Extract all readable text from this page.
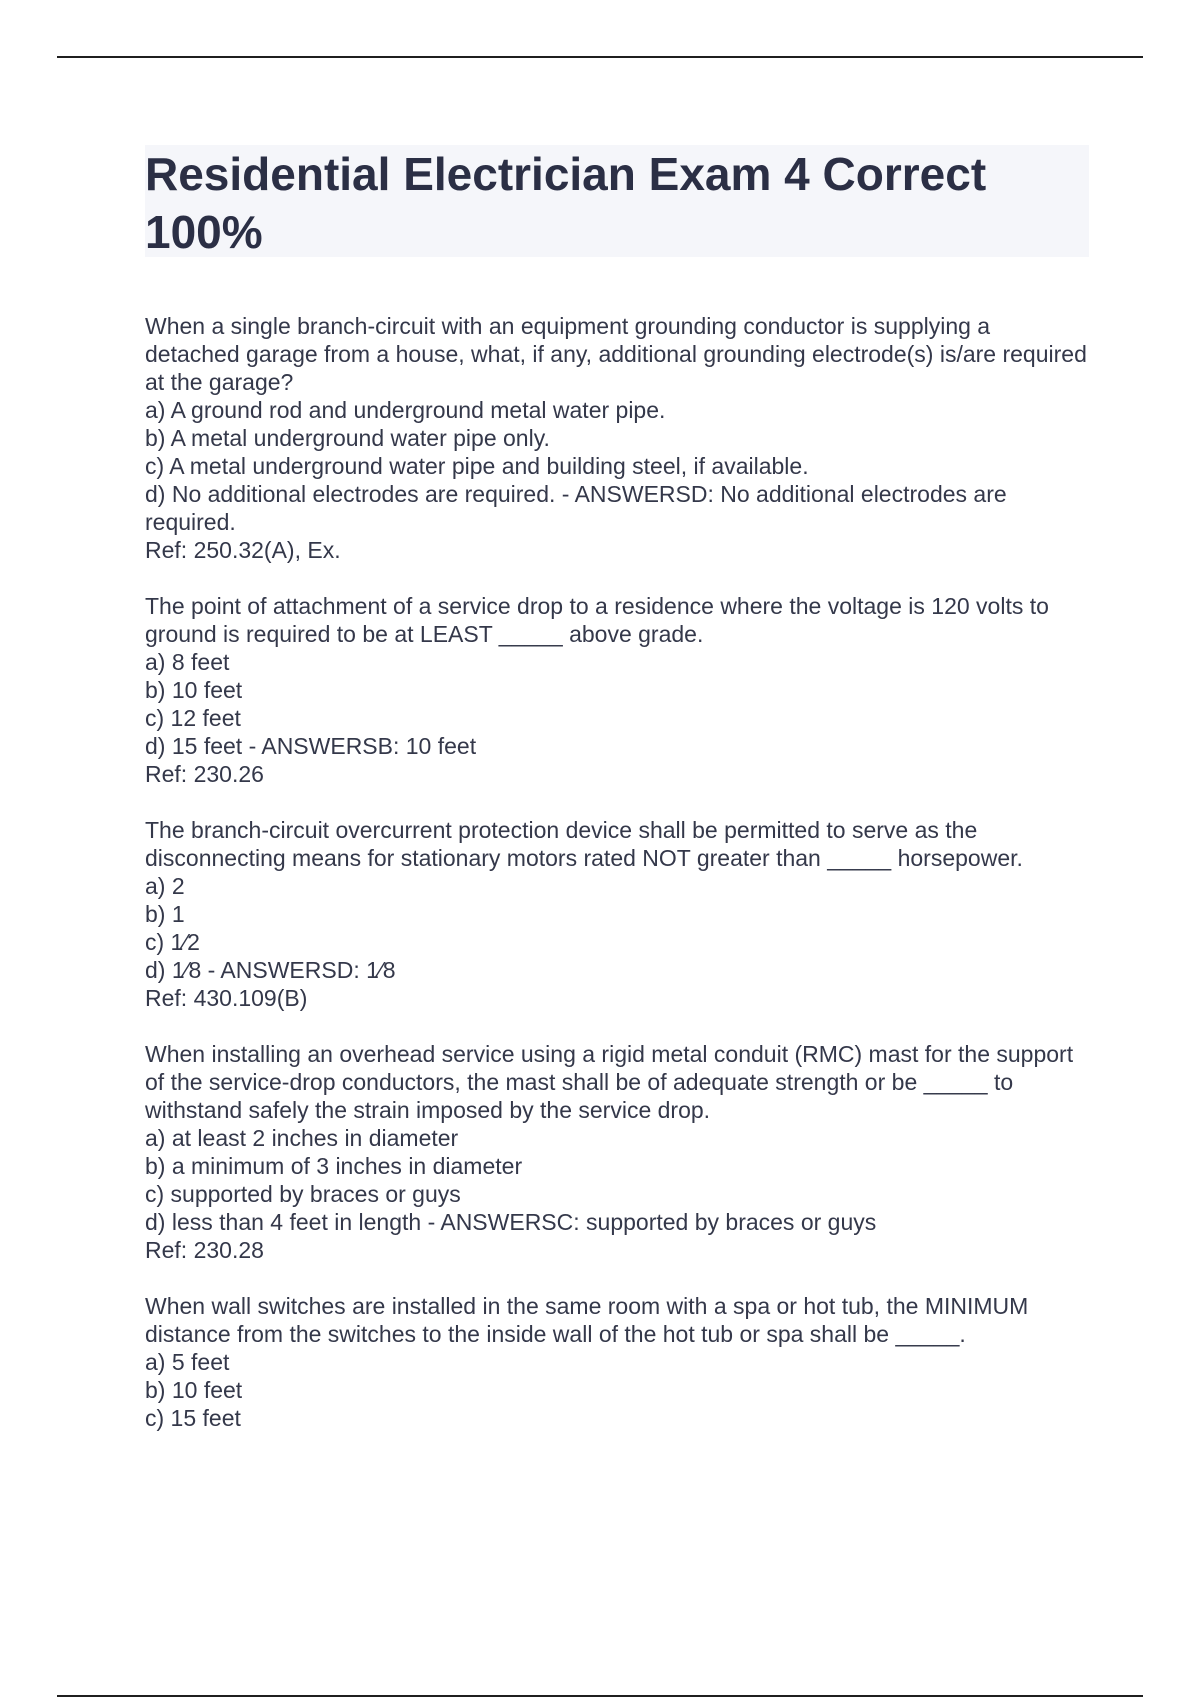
Residential Electrician Exam 4 Correct 100%

When a single branch-circuit with an equipment grounding conductor is supplying a detached garage from a house, what, if any, additional grounding electrode(s) is/are required at the garage?

a) A ground rod and underground metal water pipe.

b) A metal underground water pipe only.

c) A metal underground water pipe and building steel, if available.

d) No additional electrodes are required. - ANSWERSD: No additional electrodes are required.

Ref: 250.32(A), Ex.

The point of attachment of a service drop to a residence where the voltage is 120 volts to ground is required to be at LEAST _____ above grade.

a) 8 feet

b) 10 feet

c) 12 feet

d) 15 feet - ANSWERSB: 10 feet

Ref: 230.26

The branch-circuit overcurrent protection device shall be permitted to serve as the disconnecting means for stationary motors rated NOT greater than _____ horsepower.

a) 2

b) 1

c) 1⁄2

d) 1⁄8 - ANSWERSD: 1⁄8

Ref: 430.109(B)

When installing an overhead service using a rigid metal conduit (RMC) mast for the support of the service-drop conductors, the mast shall be of adequate strength or be _____ to withstand safely the strain imposed by the service drop.

a) at least 2 inches in diameter

b) a minimum of 3 inches in diameter

c) supported by braces or guys

d) less than 4 feet in length - ANSWERSC: supported by braces or guys

Ref: 230.28

When wall switches are installed in the same room with a spa or hot tub, the MINIMUM distance from the switches to the inside wall of the hot tub or spa shall be _____.

a) 5 feet

b) 10 feet

c) 15 feet
